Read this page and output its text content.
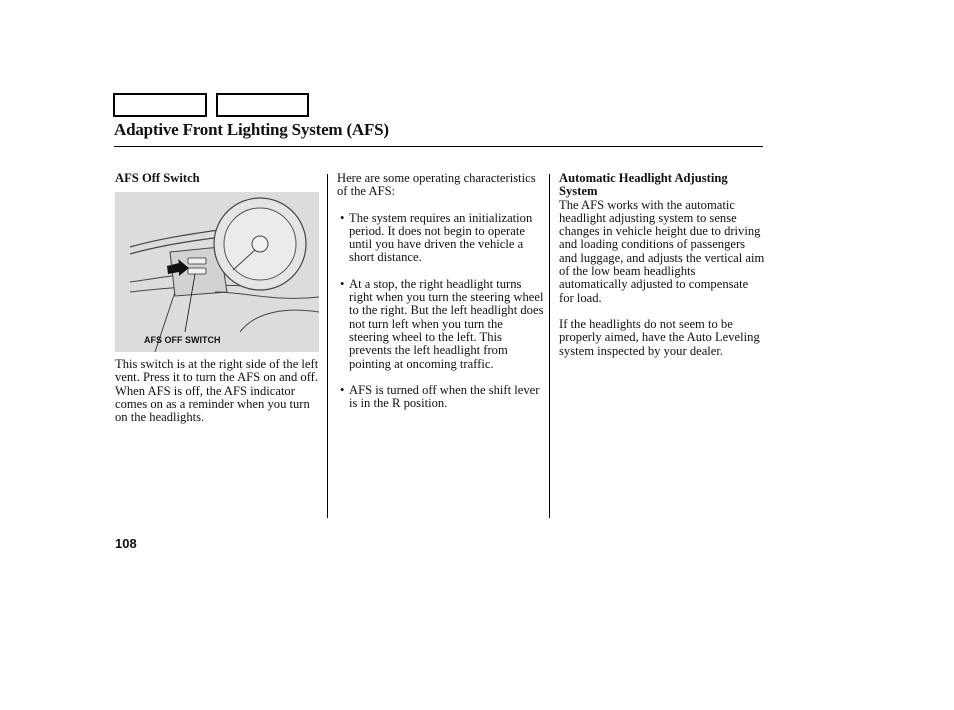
Adaptive Front Lighting System (AFS)
AFS Off Switch
AFS OFF SWITCH
This switch is at the right side of the left vent. Press it to turn the AFS on and off. When AFS is off, the AFS indicator comes on as a reminder when you turn on the headlights.
Here are some operating characteristics of the AFS:
• The system requires an initialization period. It does not begin to operate until you have driven the vehicle a short distance.
• At a stop, the right headlight turns right when you turn the steering wheel to the right. But the left headlight does not turn left when you turn the steering wheel to the left. This prevents the left headlight from pointing at oncoming traffic.
• AFS is turned off when the shift lever is in the R position.
Automatic Headlight Adjusting System
The AFS works with the automatic headlight adjusting system to sense changes in vehicle height due to driving and loading conditions of passengers and luggage, and adjusts the vertical aim of the low beam headlights automatically adjusted to compensate for load.
If the headlights do not seem to be properly aimed, have the Auto Leveling system inspected by your dealer.
108
